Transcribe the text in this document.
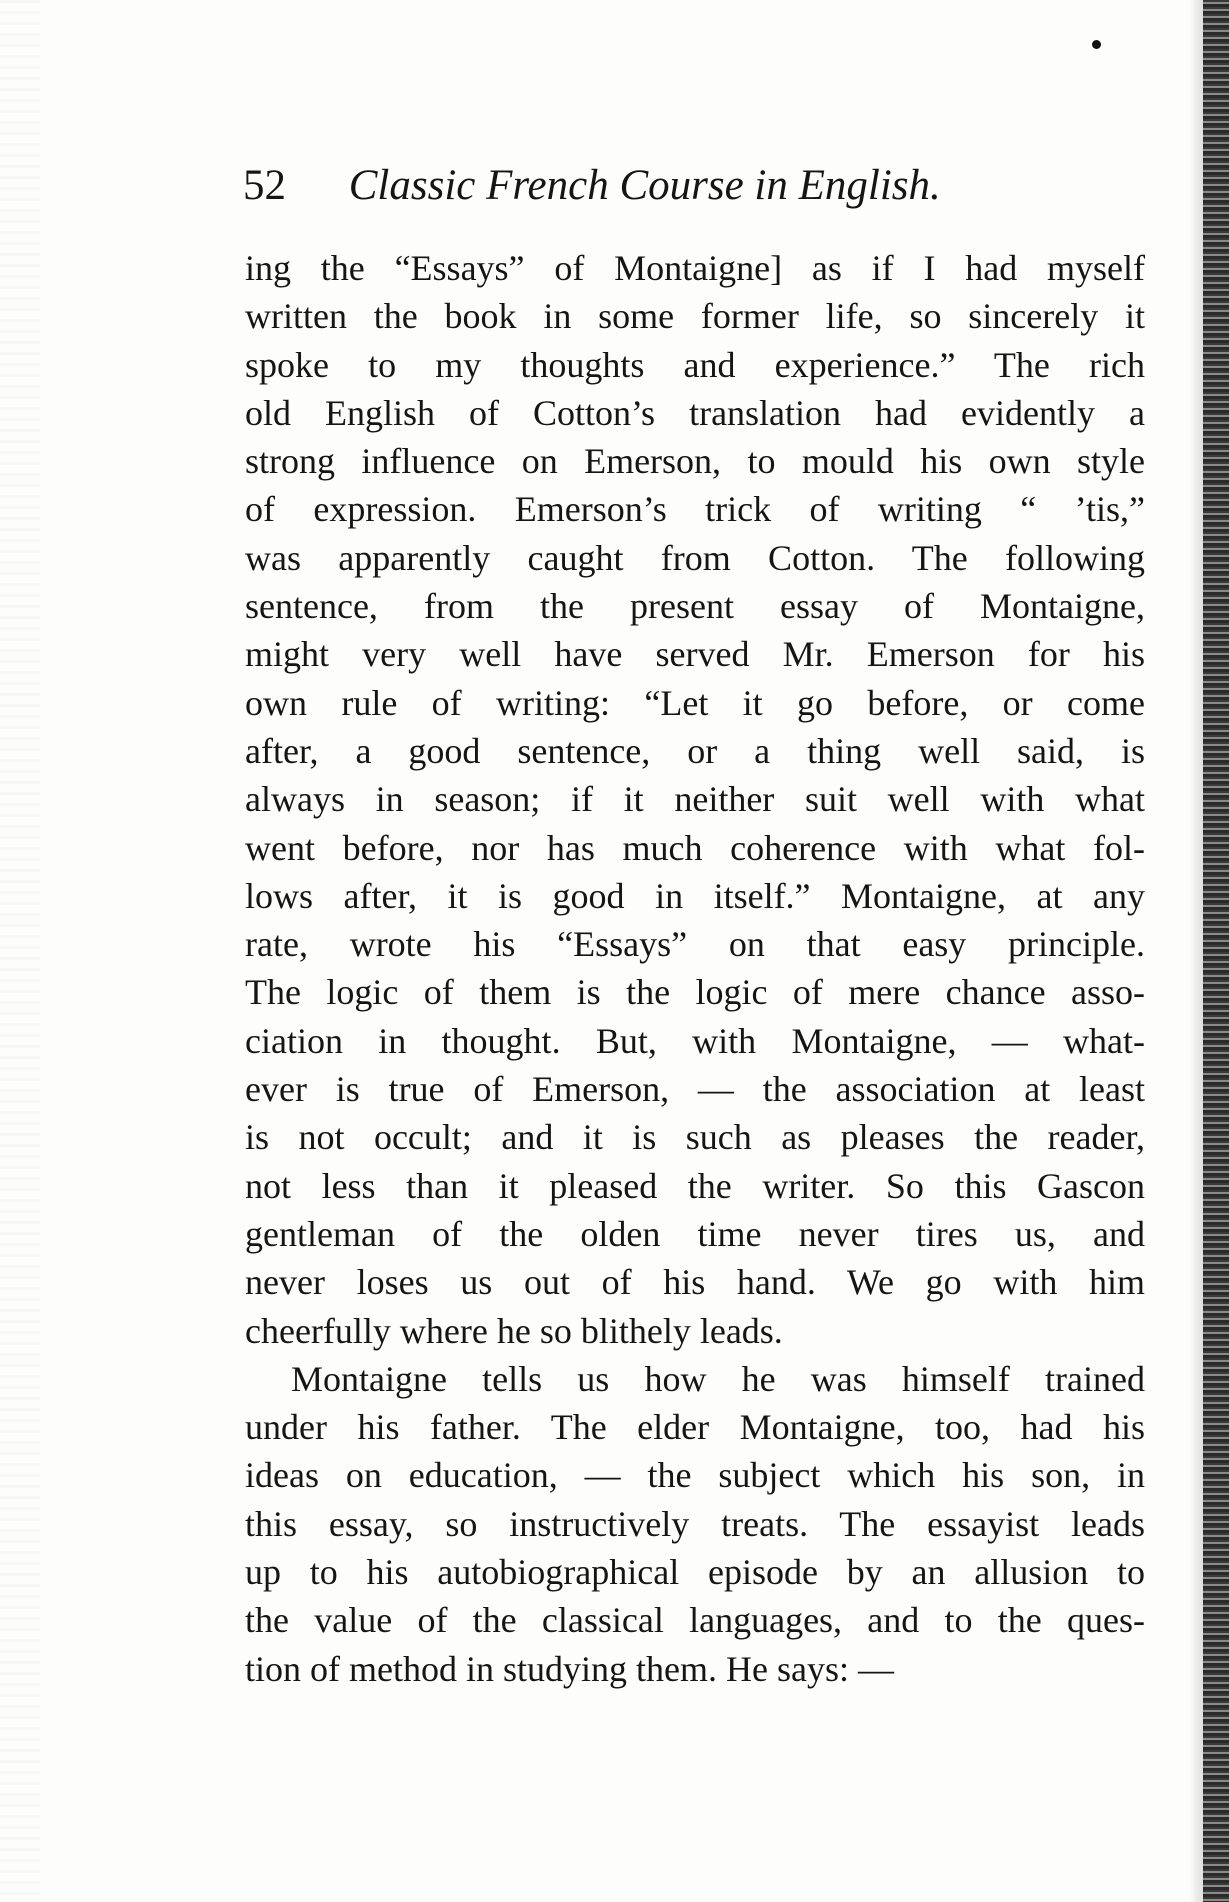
52 Classic French Course in English.
ing the “Essays” of Montaigne] as if I had myself
written the book in some former life, so sincerely it
spoke to my thoughts and experience.” The rich
old English of Cotton’s translation had evidently a
strong influence on Emerson, to mould his own style
of expression. Emerson’s trick of writing “ ’tis,”
was apparently caught from Cotton. The following
sentence, from the present essay of Montaigne,
might very well have served Mr. Emerson for his
own rule of writing: “Let it go before, or come
after, a good sentence, or a thing well said, is
always in season; if it neither suit well with what
went before, nor has much coherence with what fol-
lows after, it is good in itself.” Montaigne, at any
rate, wrote his “Essays” on that easy principle.
The logic of them is the logic of mere chance asso-
ciation in thought. But, with Montaigne, — what-
ever is true of Emerson, — the association at least
is not occult; and it is such as pleases the reader,
not less than it pleased the writer. So this Gascon
gentleman of the olden time never tires us, and
never loses us out of his hand. We go with him
cheerfully where he so blithely leads.
Montaigne tells us how he was himself trained
under his father. The elder Montaigne, too, had his
ideas on education, — the subject which his son, in
this essay, so instructively treats. The essayist leads
up to his autobiographical episode by an allusion to
the value of the classical languages, and to the ques-
tion of method in studying them. He says: —
